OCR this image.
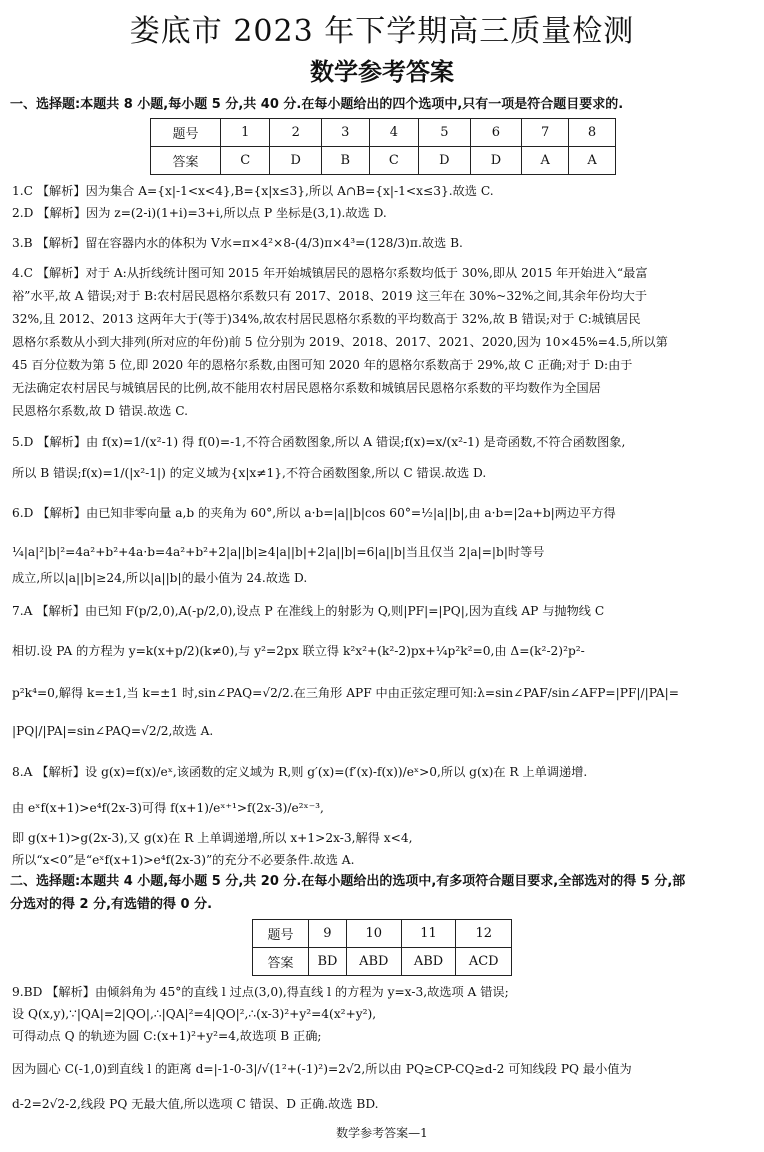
娄底市 2023 年下学期高三质量检测
数学参考答案
一、选择题:本题共 8 小题,每小题 5 分,共 40 分.在每小题给出的四个选项中,只有一项是符合题目要求的.
题号	1	2	3	4	5	6	7	8
答案	C	D	B	C	D	D	A	A
1.C 【解析】因为集合 A={x|-1<x<4},B={x|x≤3},所以 A∩B={x|-1<x≤3}.故选 C.
2.D 【解析】因为 z=(2-i)(1+i)=3+i,所以点 P 坐标是(3,1).故选 D.
3.B 【解析】留在容器内水的体积为 V水=π×4²×8-(4/3)π×4³=(128/3)π.故选 B.
4.C 【解析】对于 A:从折线统计图可知 2015 年开始城镇居民的恩格尔系数均低于 30%,即从 2015 年开始进入“最富
裕”水平,故 A 错误;对于 B:农村居民恩格尔系数只有 2017、2018、2019 这三年在 30%~32%之间,其余年份均大于
32%,且 2012、2013 这两年大于(等于)34%,故农村居民恩格尔系数的平均数高于 32%,故 B 错误;对于 C:城镇居民
恩格尔系数从小到大排列(所对应的年份)前 5 位分别为 2019、2018、2017、2021、2020,因为 10×45%=4.5,所以第
45 百分位数为第 5 位,即 2020 年的恩格尔系数,由图可知 2020 年的恩格尔系数高于 29%,故 C 正确;对于 D:由于
无法确定农村居民与城镇居民的比例,故不能用农村居民恩格尔系数和城镇居民恩格尔系数的平均数作为全国居
民恩格尔系数,故 D 错误.故选 C.
5.D 【解析】由 f(x)=1/(x²-1) 得 f(0)=-1,不符合函数图象,所以 A 错误;f(x)=x/(x²-1) 是奇函数,不符合函数图象,
所以 B 错误;f(x)=1/(|x²-1|) 的定义域为{x|x≠1},不符合函数图象,所以 C 错误.故选 D.
6.D 【解析】由已知非零向量 a,b 的夹角为 60°,所以 a·b=|a||b|cos 60°=½|a||b|,由 a·b=|2a+b|两边平方得
¼|a|²|b|²=4a²+b²+4a·b=4a²+b²+2|a||b|≥4|a||b|+2|a||b|=6|a||b|当且仅当 2|a|=|b|时等号
成立,所以|a||b|≥24,所以|a||b|的最小值为 24.故选 D.
7.A 【解析】由已知 F(p/2,0),A(-p/2,0),设点 P 在准线上的射影为 Q,则|PF|=|PQ|,因为直线 AP 与抛物线 C
相切.设 PA 的方程为 y=k(x+p/2)(k≠0),与 y²=2px 联立得 k²x²+(k²-2)px+¼p²k²=0,由 Δ=(k²-2)²p²-
p²k⁴=0,解得 k=±1,当 k=±1 时,sin∠PAQ=√2/2.在三角形 APF 中由正弦定理可知:λ=sin∠PAF/sin∠AFP=|PF|/|PA|=
|PQ|/|PA|=sin∠PAQ=√2/2,故选 A.
8.A 【解析】设 g(x)=f(x)/eˣ,该函数的定义域为 R,则 g′(x)=(f′(x)-f(x))/eˣ>0,所以 g(x)在 R 上单调递增.
由 eˣf(x+1)>e⁴f(2x-3)可得 f(x+1)/eˣ⁺¹>f(2x-3)/e²ˣ⁻³,
即 g(x+1)>g(2x-3),又 g(x)在 R 上单调递增,所以 x+1>2x-3,解得 x<4,
所以“x<0”是“eˣf(x+1)>e⁴f(2x-3)”的充分不必要条件.故选 A.
二、选择题:本题共 4 小题,每小题 5 分,共 20 分.在每小题给出的选项中,有多项符合题目要求,全部选对的得 5 分,部
分选对的得 2 分,有选错的得 0 分.
题号	9	10	11	12
答案	BD	ABD	ABD	ACD
9.BD 【解析】由倾斜角为 45°的直线 l 过点(3,0),得直线 l 的方程为 y=x-3,故选项 A 错误;
设 Q(x,y),∵|QA|=2|QO|,∴|QA|²=4|QO|²,∴(x-3)²+y²=4(x²+y²),
可得动点 Q 的轨迹为圆 C:(x+1)²+y²=4,故选项 B 正确;
因为圆心 C(-1,0)到直线 l 的距离 d=|-1-0-3|/√(1²+(-1)²)=2√2,所以由 PQ≥CP-CQ≥d-2 可知线段 PQ 最小值为
d-2=2√2-2,线段 PQ 无最大值,所以选项 C 错误、D 正确.故选 BD.
数学参考答案—1
